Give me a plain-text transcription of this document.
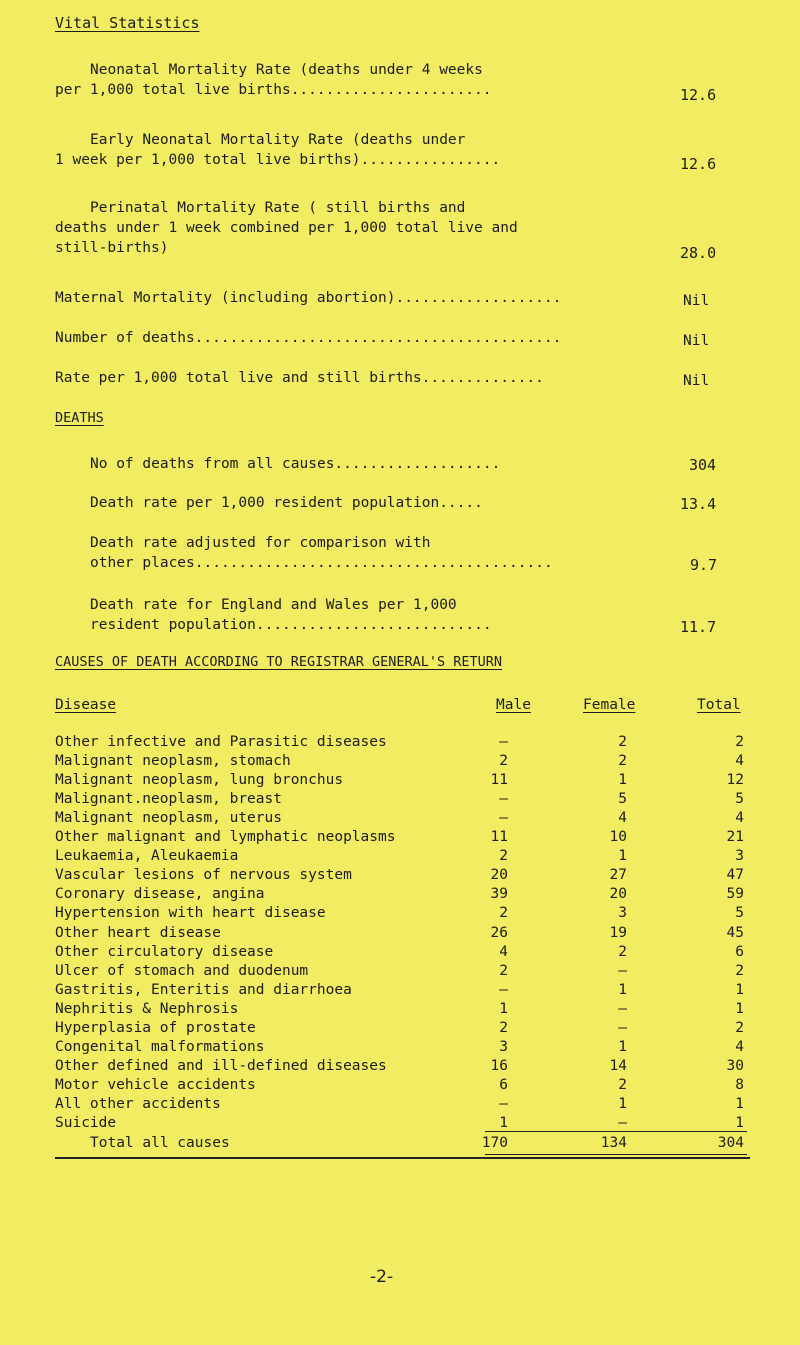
Vital Statistics
Neonatal Mortality Rate (deaths under 4 weeks
per 1,000 total live births.......................	12.6
Early Neonatal Mortality Rate (deaths under
1 week per 1,000 total live births)................	12.6
Perinatal Mortality Rate ( still births and
deaths under 1 week combined per 1,000 total live and
still-births)	28.0
Maternal Mortality (including abortion)...................	Nil
Number of deaths..........................................	Nil
Rate per 1,000 total live and still births..............	Nil
DEATHS
No of deaths from all causes...................	304
Death rate per 1,000 resident population.....	13.4
Death rate adjusted for comparison with
other places.........................................	9.7
Death rate for England and Wales per 1,000
resident population...........................	11.7
CAUSES OF DEATH ACCORDING TO REGISTRAR GENERAL'S RETURN
Disease	Male	Female	Total
Other infective and Parasitic diseases	–	2	2
Malignant neoplasm, stomach	2	2	4
Malignant neoplasm, lung bronchus	11	1	12
Malignant.neoplasm, breast	–	5	5
Malignant neoplasm, uterus	–	4	4
Other malignant and lymphatic neoplasms	11	10	21
Leukaemia, Aleukaemia	2	1	3
Vascular lesions of nervous system	20	27	47
Coronary disease, angina	39	20	59
Hypertension with heart disease	2	3	5
Other heart disease	26	19	45
Other circulatory disease	4	2	6
Ulcer of stomach and duodenum	2	–	2
Gastritis, Enteritis and diarrhoea	–	1	1
Nephritis & Nephrosis	1	–	1
Hyperplasia of prostate	2	–	2
Congenital malformations	3	1	4
Other defined and ill-defined diseases	16	14	30
Motor vehicle accidents	6	2	8
All other accidents	–	1	1
Suicide	1	–	1
Total all causes	170	134	304
-2-
